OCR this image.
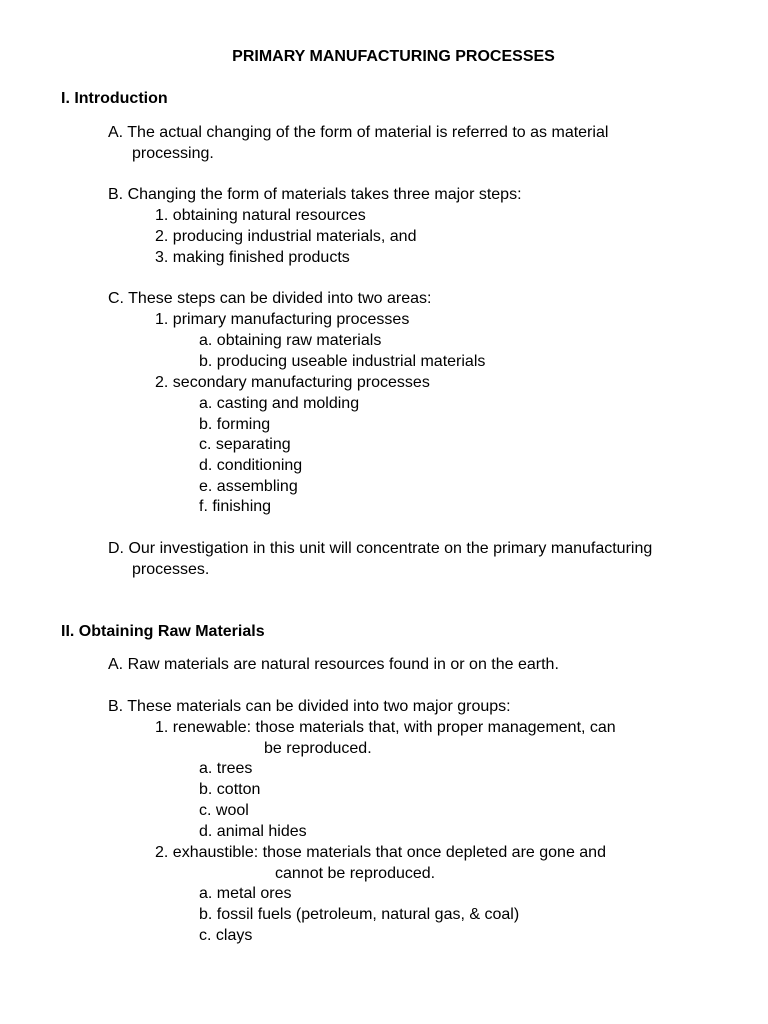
PRIMARY MANUFACTURING PROCESSES

I. Introduction

A. The actual changing of the form of material is referred to as material

processing.

B. Changing the form of materials takes three major steps:

1. obtaining natural resources

2. producing industrial materials, and

3. making finished products

C. These steps can be divided into two areas:

1. primary manufacturing processes

a. obtaining raw materials

b. producing useable industrial materials

2. secondary manufacturing processes

a. casting and molding

b. forming

c. separating

d. conditioning

e. assembling

f. finishing

D. Our investigation in this unit will concentrate on the primary manufacturing

processes.

II. Obtaining Raw Materials

A. Raw materials are natural resources found in or on the earth.

B. These materials can be divided into two major groups:

1. renewable: those materials that, with proper management, can

be reproduced.

a. trees

b. cotton

c. wool

d. animal hides

2. exhaustible: those materials that once depleted are gone and

cannot be reproduced.

a. metal ores

b. fossil fuels (petroleum, natural gas, & coal)

c. clays
